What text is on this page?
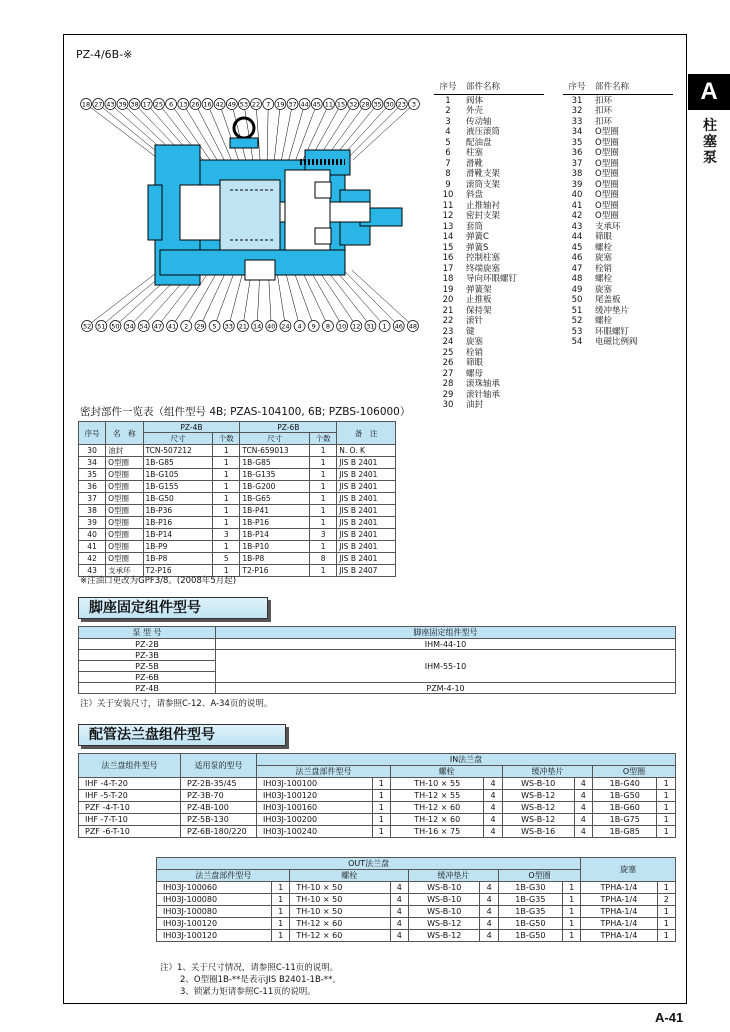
PZ-4/6B-※
A
柱
塞
泵
A-41
18 27 43 39 38 17 25 6 13 26 16 42 49 53 22 7 19 37 44 45 11 15 32 28 35 30 23 3
52 51 50 34 54 47 41 2 29 5 33 21 14 40 24 4 9 8 10 12 31 1 46 48
序号	部件名称
1	阀体
2	外壳
3	传动轴
4	液压滚筒
5	配油盘
6	柱塞
7	滑靴
8	滑靴支架
9	滚筒支架
10	斜盘
11	止推轴衬
12	密封支架
13	套筒
14	弹簧C
15	弹簧S
16	控制柱塞
17	终端旋塞
18	导向环眼螺钉
19	弹簧架
20	止推板
21	保持架
22	滚针
23	键
24	旋塞
25	栓销
26	筛眼
27	螺母
28	滚珠轴承
29	滚针轴承
30	油封
序号	部件名称
31	扣环
32	扣环
33	扣环
34	O型圈
35	O型圈
36	O型圈
37	O型圈
38	O型圈
39	O型圈
40	O型圈
41	O型圈
42	O型圈
43	支承环
44	筛眼
45	螺栓
46	旋塞
47	栓销
48	螺栓
49	旋塞
50	尾盖板
51	缓冲垫片
52	螺栓
53	环眼螺钉
54	电磁比例阀
密封部件一览表（组件型号 4B; PZAS-104100, 6B; PZBS-106000）
序号	名　称	PZ-4B		PZ-6B		备　注
		尺寸	个数	尺寸	个数	
30	油封	TCN-507212	1	TCN-659013	1	N. O. K
34	O型圈	1B-G85	1	1B-G85	1	JIS B 2401
35	O型圈	1B-G105	1	1B-G135	1	JIS B 2401
36	O型圈	1B-G155	1	1B-G200	1	JIS B 2401
37	O型圈	1B-G50	1	1B-G65	1	JIS B 2401
38	O型圈	1B-P36	1	1B-P41	1	JIS B 2401
39	O型圈	1B-P16	1	1B-P16	1	JIS B 2401
40	O型圈	1B-P14	3	1B-P14	3	JIS B 2401
41	O型圈	1B-P9	1	1B-P10	1	JIS B 2401
42	O型圈	1B-P8	5	1B-P8	8	JIS B 2401
43	支承环	T2-P16	1	T2-P16	1	JIS B 2407
※注油口更改为GPF3/8。(2008年5月起)
脚座固定组件型号
泵 型 号	脚座固定组件型号
PZ-2B	IHM-44-10
PZ-3B	IHM-55-10
PZ-5B	
PZ-6B	
PZ-4B	PZM-4-10
注）关于安装尺寸，请参照C-12、A-34页的说明。
配管法兰盘组件型号
法兰盘组件型号	适用泵的型号	IN法兰盘							
		法兰盘部件型号		螺栓		缓冲垫片		O型圈	
IHF -4-T-20	PZ-2B-35/45	IH03J-100100	1	TH-10 × 55	4	WS-B-10	4	1B-G40	1
IHF -5-T-20	PZ-3B-70	IH03J-100120	1	TH-12 × 55	4	WS-B-12	4	1B-G50	1
PZF -4-T-10	PZ-4B-100	IH03J-100160	1	TH-12 × 60	4	WS-B-12	4	1B-G60	1
IHF -7-T-10	PZ-5B-130	IH03J-100200	1	TH-12 × 60	4	WS-B-12	4	1B-G75	1
PZF -6-T-10	PZ-6B-180/220	IH03J-100240	1	TH-16 × 75	4	WS-B-16	4	1B-G85	1
OUT法兰盘								旋塞	
法兰盘部件型号		螺栓		缓冲垫片		O型圈			
IH03J-100060	1	TH-10 × 50	4	WS-B-10	4	1B-G30	1	TPHA-1/4	1
IH03J-100080	1	TH-10 × 50	4	WS-B-10	4	1B-G35	1	TPHA-1/4	2
IH03J-100080	1	TH-10 × 50	4	WS-B-10	4	1B-G35	1	TPHA-1/4	1
IH03J-100120	1	TH-12 × 60	4	WS-B-12	4	1B-G50	1	TPHA-1/4	1
IH03J-100120	1	TH-12 × 60	4	WS-B-12	4	1B-G50	1	TPHA-1/4	1
注）1、关于尺寸情况，请参照C-11页的说明。
2、O型圈1B-**是表示JIS B2401-1B-**。
3、锁紧力矩请参照C-11页的说明。
